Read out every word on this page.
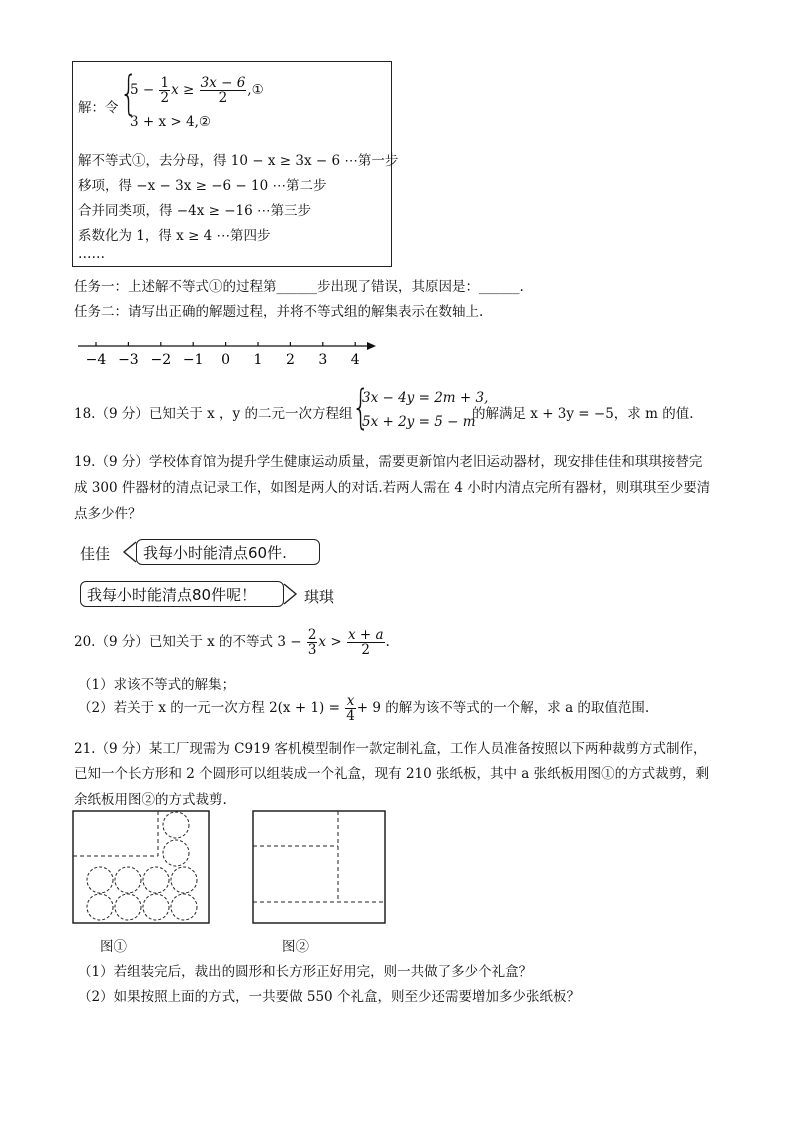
解：令 {
$5 - \frac{1}{2}$ $x \ge \frac{3x - 6}{2}$ ,①
3 + x > 4,②
解不等式①，去分母，得 10 − x ≥ 3x − 6 ⋯第一步
移项，得 −x − 3x ≥ −6 − 10 ⋯第二步
合并同类项，得 −4x ≥ −16 ⋯第三步
系数化为 1，得 x ≥ 4 ⋯第四步
……
任务一：上述解不等式①的过程第______步出现了错误，其原因是：______.
任务二：请写出正确的解题过程，并将不等式组的解集表示在数轴上.
−4 −3 −2 −1 0 1 2 3 4
18.（9 分）已知关于 x ，y 的二元一次方程组 {
3x − 4y = 2m + 3,
5x + 2y = 5 − m
的解满足 x + 3y = −5，求 m 的值.
19.（9 分）学校体育馆为提升学生健康运动质量，需要更新馆内老旧运动器材，现安排佳佳和琪琪接替完
成 300 件器材的清点记录工作，如图是两人的对话.若两人需在 4 小时内清点完所有器材，则琪琪至少要清
点多少件？
佳佳	我每小时能清点60件.
我每小时能清点80件呢！	琪琪
20.（9 分）已知关于 x 的不等式 $3 - \frac{2}{3}$ $x > \frac{x + a}{2}$ .
（1）求该不等式的解集；
（2）若关于 x 的一元一次方程 $2(x + 1) = \frac{x}{4} + 9$ 的解为该不等式的一个解，求 a 的取值范围.
21.（9 分）某工厂现需为 C919 客机模型制作一款定制礼盒，工作人员准备按照以下两种裁剪方式制作，
已知一个长方形和 2 个圆形可以组装成一个礼盒，现有 210 张纸板，其中 a 张纸板用图①的方式裁剪，剩
余纸板用图②的方式裁剪.
图①	图②
（1）若组装完后，裁出的圆形和长方形正好用完，则一共做了多少个礼盒？
（2）如果按照上面的方式，一共要做 550 个礼盒，则至少还需要增加多少张纸板？
